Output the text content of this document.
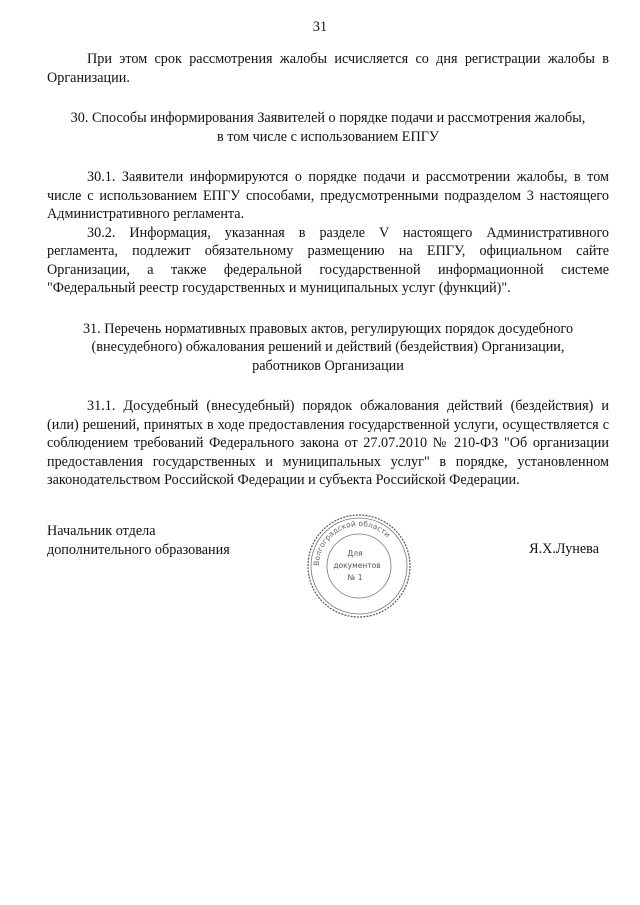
31

При этом срок рассмотрения жалобы исчисляется со дня регистрации жалобы в Организации.

30. Способы информирования Заявителей о порядке подачи и рассмотрения жалобы,
в том числе с использованием ЕПГУ

30.1. Заявители информируются о порядке подачи и рассмотрении жалобы, в том числе с использованием ЕПГУ способами, предусмотренными подразделом 3 настоящего Административного регламента.

30.2. Информация, указанная в разделе V настоящего Административного регламента, подлежит обязательному размещению на ЕПГУ, официальном сайте Организации, а также федеральной государственной информационной системе "Федеральный реестр государственных и муниципальных услуг (функций)".

31. Перечень нормативных правовых актов, регулирующих порядок досудебного
(внесудебного) обжалования решений и действий (бездействия) Организации,
работников Организации

31.1. Досудебный (внесудебный) порядок обжалования действий (бездействия) и (или) решений, принятых в ходе предоставления государственной услуги, осуществляется с соблюдением требований Федерального закона от 27.07.2010 № 210-ФЗ "Об организации предоставления государственных и муниципальных услуг" в порядке, установленном законодательством Российской Федерации и субъекта Российской Федерации.

Начальник отдела
дополнительного образования
Волгоградской области
Для
документов
№ 1
Я.Х.Лунева
